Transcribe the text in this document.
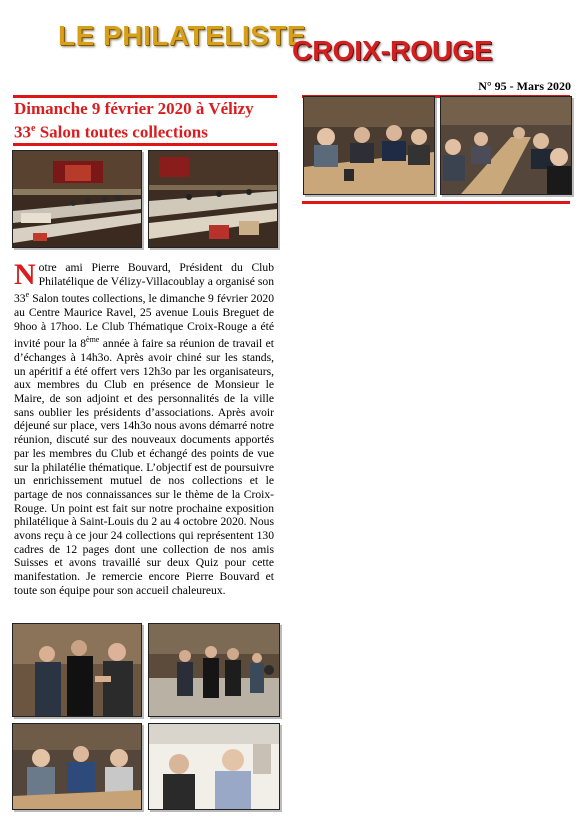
LE PHILATELISTE
CROIX-ROUGE
N° 95 - Mars 2020
Dimanche 9 février 2020 à Vélizy
33e Salon toutes collections
Notre ami Pierre Bouvard, Président du Club Philatélique de Vélizy-Villacoublay a organisé son 33e Salon toutes collections, le dimanche 9 février 2020 au Centre Maurice Ravel, 25 avenue Louis Breguet de 9hoo à 17hoo. Le Club Thématique Croix-Rouge a été invité pour la 8ème année à faire sa réunion de travail et d’échanges à 14h3o. Après avoir chiné sur les stands, un apéritif a été offert vers 12h3o par les organisateurs, aux membres du Club en présence de Monsieur le Maire, de son adjoint et des personnalités de la ville sans oublier les présidents d’associations. Après avoir déjeuné sur place, vers 14h3o nous avons démarré notre réunion, discuté sur des nouveaux documents apportés par les membres du Club et échangé des points de vue sur la philatélie thématique. L’objectif est de poursuivre un enrichissement mutuel de nos collections et le partage de nos connaissances sur le thème de la Croix-Rouge. Un point est fait sur notre prochaine exposition philatélique à Saint-Louis du 2 au 4 octobre 2020. Nous avons reçu à ce jour 24 collections qui représentent 130 cadres de 12 pages dont une collection de nos amis Suisses et avons travaillé sur deux Quiz pour cette manifestation. Je remercie encore Pierre Bouvard et toute son équipe pour son accueil chaleureux.
